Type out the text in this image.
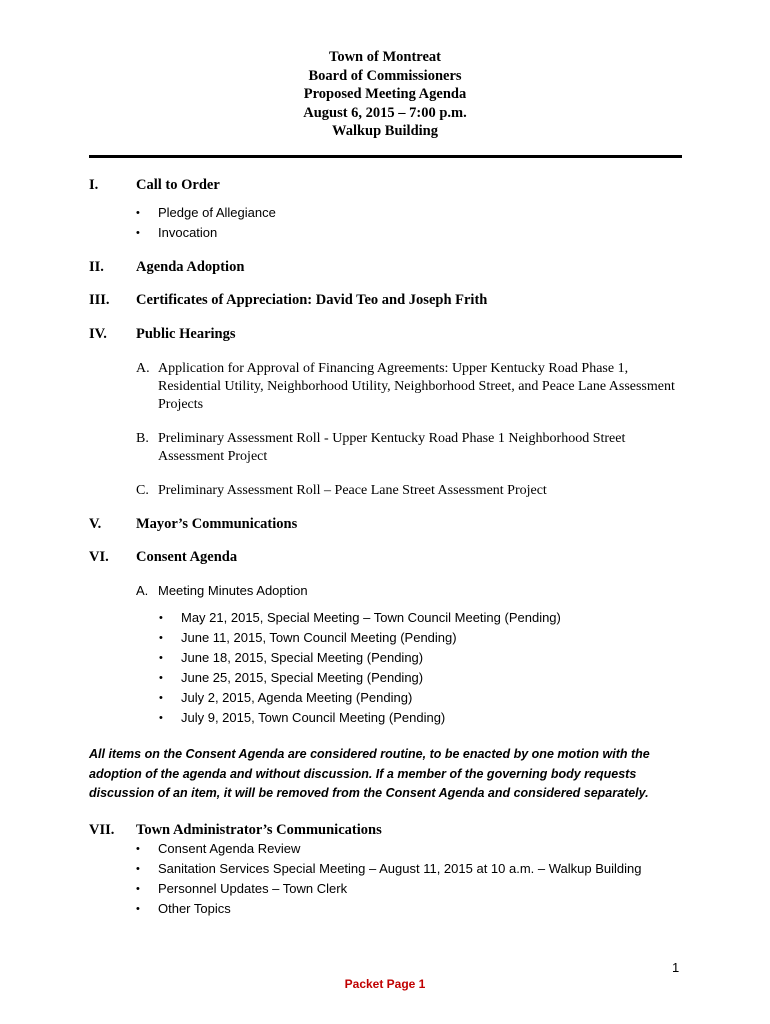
Town of Montreat
Board of Commissioners
Proposed Meeting Agenda
August 6, 2015 – 7:00 p.m.
Walkup Building
I.	Call to Order
• Pledge of Allegiance
• Invocation
II. Agenda Adoption
III. Certificates of Appreciation: David Teo and Joseph Frith
IV. Public Hearings
A. Application for Approval of Financing Agreements: Upper Kentucky Road Phase 1, Residential Utility, Neighborhood Utility, Neighborhood Street, and Peace Lane Assessment Projects
B. Preliminary Assessment Roll - Upper Kentucky Road Phase 1 Neighborhood Street Assessment Project
C. Preliminary Assessment Roll – Peace Lane Street Assessment Project
V. Mayor’s Communications
VI. Consent Agenda
A. Meeting Minutes Adoption
• May 21, 2015, Special Meeting – Town Council Meeting (Pending)
• June 11, 2015, Town Council Meeting (Pending)
• June 18, 2015, Special Meeting (Pending)
• June 25, 2015, Special Meeting (Pending)
• July 2, 2015, Agenda Meeting (Pending)
• July 9, 2015, Town Council Meeting (Pending)
All items on the Consent Agenda are considered routine, to be enacted by one motion with the adoption of the agenda and without discussion. If a member of the governing body requests discussion of an item, it will be removed from the Consent Agenda and considered separately.
VII. Town Administrator’s Communications
• Consent Agenda Review
• Sanitation Services Special Meeting – August 11, 2015 at 10 a.m. – Walkup Building
• Personnel Updates – Town Clerk
• Other Topics
1
Packet Page 1
